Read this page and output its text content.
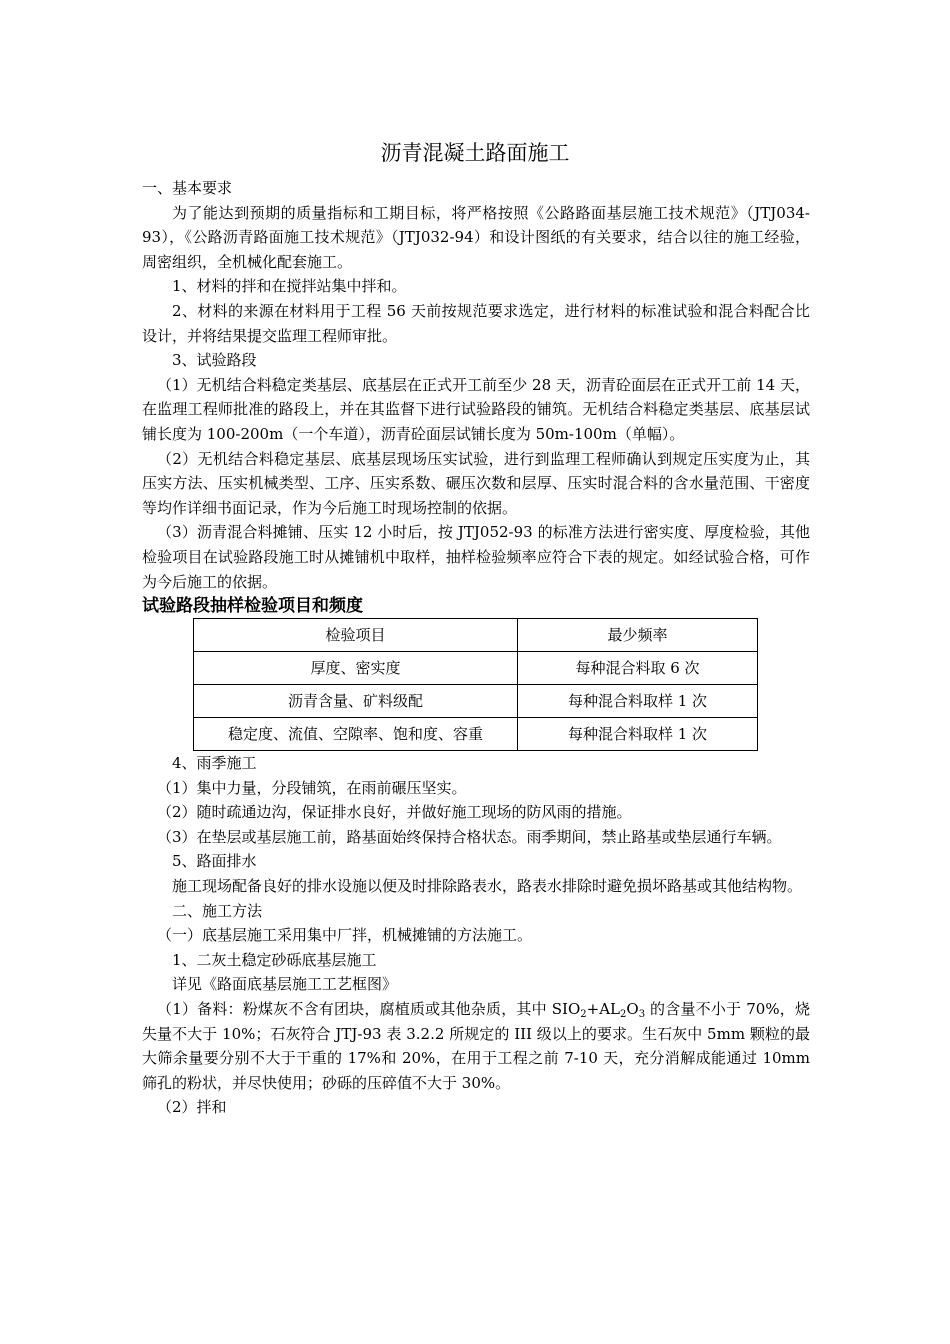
沥青混凝土路面施工

一、基本要求

为了能达到预期的质量指标和工期目标，将严格按照《公路路面基层施工技术规范》（JTJ034-93），《公路沥青路面施工技术规范》（JTJ032-94）和设计图纸的有关要求，结合以往的施工经验，周密组织，全机械化配套施工。

1、材料的拌和在搅拌站集中拌和。

2、材料的来源在材料用于工程 56 天前按规范要求选定，进行材料的标准试验和混合料配合比设计，并将结果提交监理工程师审批。

3、试验路段

（1）无机结合料稳定类基层、底基层在正式开工前至少 28 天，沥青砼面层在正式开工前 14 天，在监理工程师批准的路段上，并在其监督下进行试验路段的铺筑。无机结合料稳定类基层、底基层试铺长度为 100-200m（一个车道），沥青砼面层试铺长度为 50m-100m（单幅）。

（2）无机结合料稳定基层、底基层现场压实试验，进行到监理工程师确认到规定压实度为止，其压实方法、压实机械类型、工序、压实系数、碾压次数和层厚、压实时混合料的含水量范围、干密度等均作详细书面记录，作为今后施工时现场控制的依据。

（3）沥青混合料摊铺、压实 12 小时后，按 JTJ052-93 的标准方法进行密实度、厚度检验，其他检验项目在试验路段施工时从摊铺机中取样，抽样检验频率应符合下表的规定。如经试验合格，可作为今后施工的依据。

试验路段抽样检验项目和频度

检验项目	最少频率
厚度、密实度	每种混合料取 6 次
沥青含量、矿料级配	每种混合料取样 1 次
稳定度、流值、空隙率、饱和度、容重	每种混合料取样 1 次

4、雨季施工

（1）集中力量，分段铺筑，在雨前碾压坚实。

（2）随时疏通边沟，保证排水良好，并做好施工现场的防风雨的措施。

（3）在垫层或基层施工前，路基面始终保持合格状态。雨季期间，禁止路基或垫层通行车辆。

5、路面排水

施工现场配备良好的排水设施以便及时排除路表水，路表水排除时避免损坏路基或其他结构物。

二、施工方法

（一）底基层施工采用集中厂拌，机械摊铺的方法施工。

1、二灰土稳定砂砾底基层施工

详见《路面底基层施工工艺框图》

（1）备料：粉煤灰不含有团块，腐植质或其他杂质，其中 $SIO_2+AL_2O_3$ 的含量不小于 70%，烧失量不大于 10%；石灰符合 JTJ-93 表 3.2.2 所规定的 III 级以上的要求。生石灰中 5mm 颗粒的最大筛余量要分别不大于干重的 17%和 20%，在用于工程之前 7-10 天，充分消解成能通过 10mm 筛孔的粉状，并尽快使用；砂砾的压碎值不大于 30%。

（2）拌和
